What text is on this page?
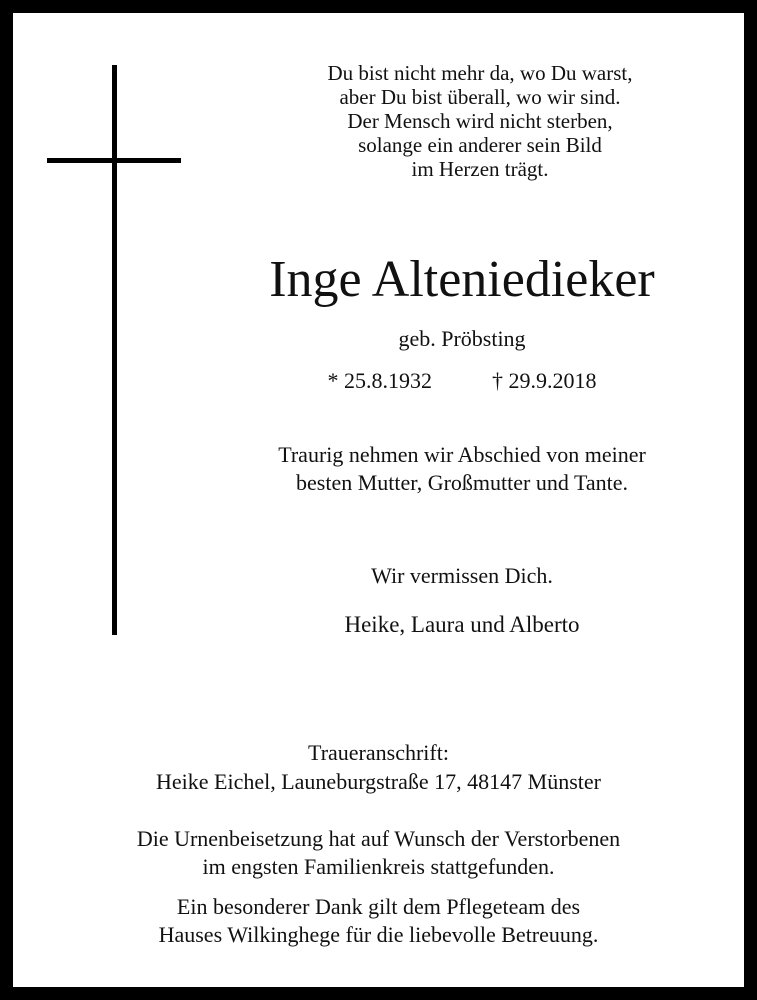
Du bist nicht mehr da, wo Du warst,
aber Du bist überall, wo wir sind.
Der Mensch wird nicht sterben,
solange ein anderer sein Bild
im Herzen trägt.
Inge Alteniedieker
geb. Pröbsting
* 25.8.1932	† 29.9.2018
Traurig nehmen wir Abschied von meiner
besten Mutter, Großmutter und Tante.
Wir vermissen Dich.
Heike, Laura und Alberto
Traueranschrift:
Heike Eichel, Launeburgstraße 17, 48147 Münster
Die Urnenbeisetzung hat auf Wunsch der Verstorbenen
im engsten Familienkreis stattgefunden.
Ein besonderer Dank gilt dem Pflegeteam des
Hauses Wilkinghege für die liebevolle Betreuung.
